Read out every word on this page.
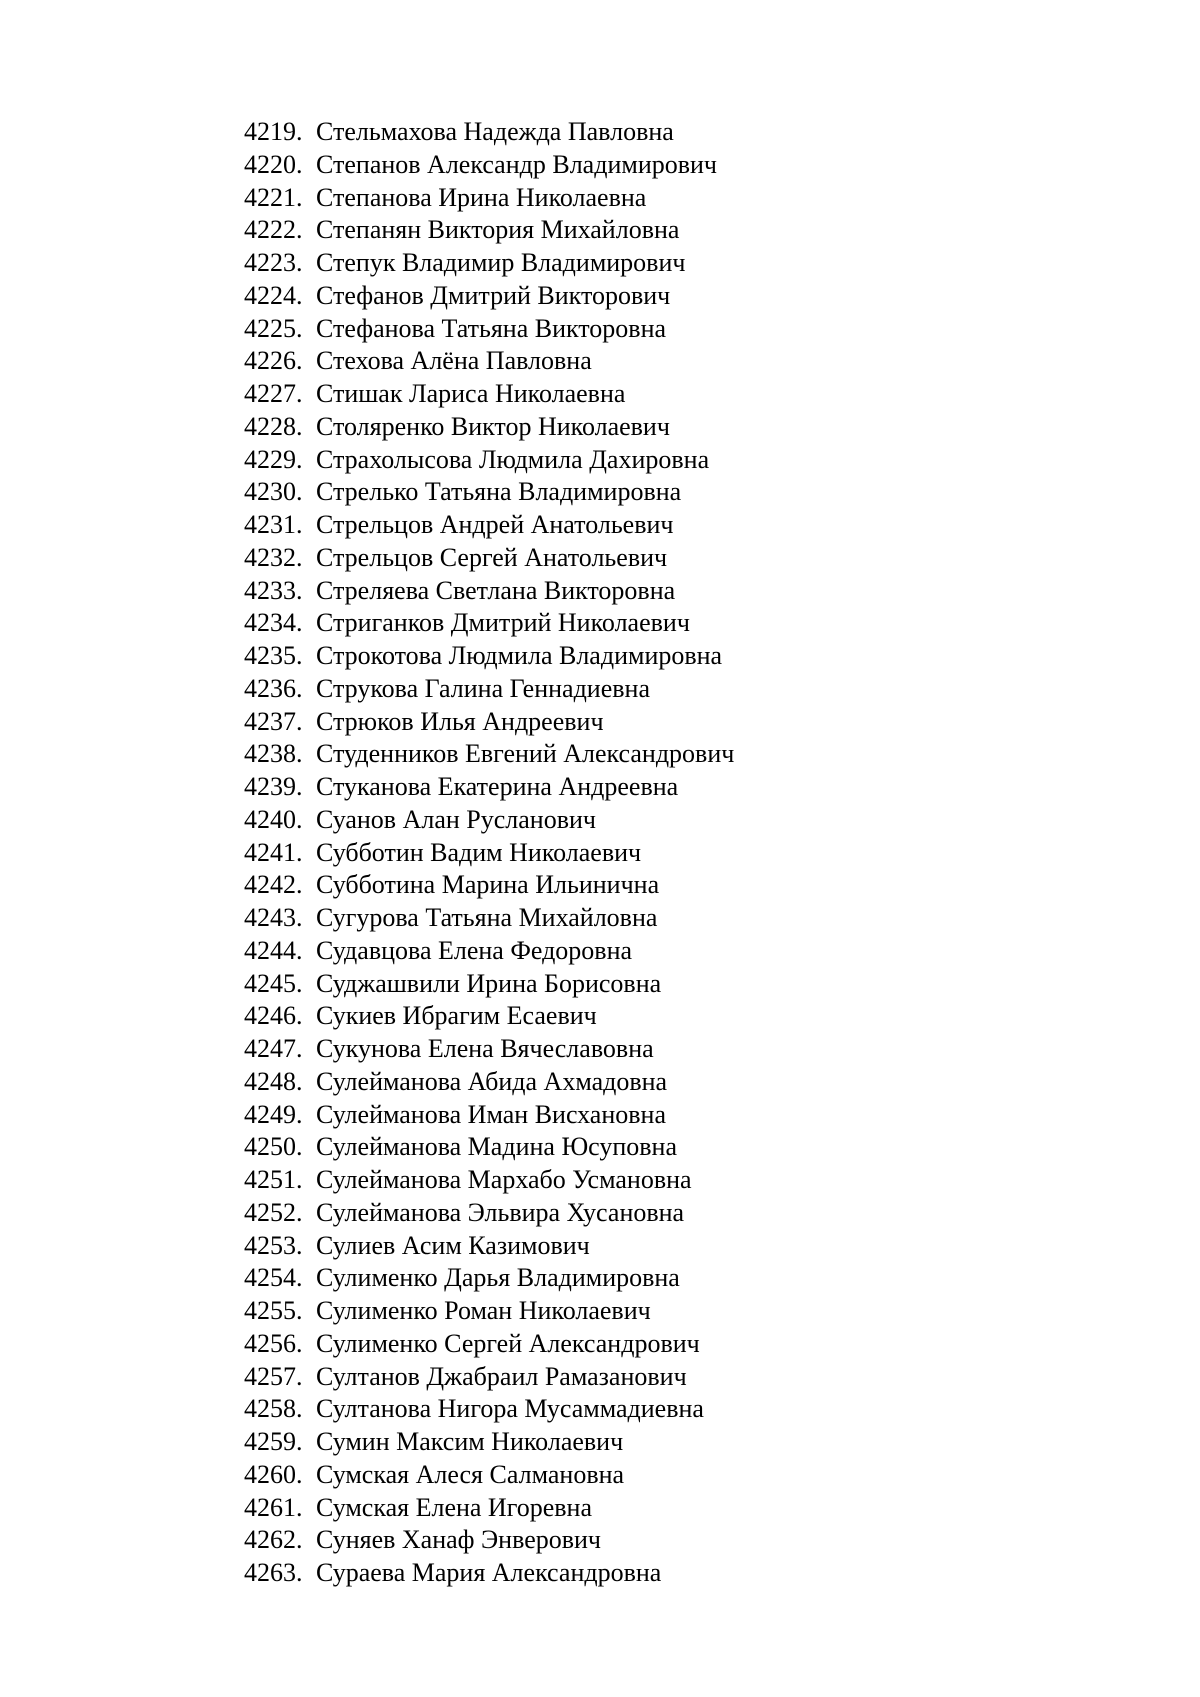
4219. Стельмахова Надежда Павловна
4220. Степанов Александр Владимирович
4221. Степанова Ирина Николаевна
4222. Степанян Виктория Михайловна
4223. Степук Владимир Владимирович
4224. Стефанов Дмитрий Викторович
4225. Стефанова Татьяна Викторовна
4226. Стехова Алёна Павловна
4227. Стишак Лариса Николаевна
4228. Столяренко Виктор Николаевич
4229. Страхолысова Людмила Дахировна
4230. Стрелько Татьяна Владимировна
4231. Стрельцов Андрей Анатольевич
4232. Стрельцов Сергей Анатольевич
4233. Стреляева Светлана Викторовна
4234. Стриганков Дмитрий Николаевич
4235. Строкотова Людмила Владимировна
4236. Струкова Галина Геннадиевна
4237. Стрюков Илья Андреевич
4238. Студенников Евгений Александрович
4239. Стуканова Екатерина Андреевна
4240. Суанов Алан Русланович
4241. Субботин Вадим Николаевич
4242. Субботина Марина Ильинична
4243. Сугурова Татьяна Михайловна
4244. Судавцова Елена Федоровна
4245. Суджашвили Ирина Борисовна
4246. Сукиев Ибрагим Есаевич
4247. Сукунова Елена Вячеславовна
4248. Сулейманова Абида Ахмадовна
4249. Сулейманова Иман Висхановна
4250. Сулейманова Мадина Юсуповна
4251. Сулейманова Мархабо Усмановна
4252. Сулейманова Эльвира Хусановна
4253. Сулиев Асим Казимович
4254. Сулименко Дарья Владимировна
4255. Сулименко Роман Николаевич
4256. Сулименко Сергей Александрович
4257. Султанов Джабраил Рамазанович
4258. Султанова Нигора Мусаммадиевна
4259. Сумин Максим Николаевич
4260. Сумская Алеся Салмановна
4261. Сумская Елена Игоревна
4262. Суняев Ханаф Энверович
4263. Сураева Мария Александровна
